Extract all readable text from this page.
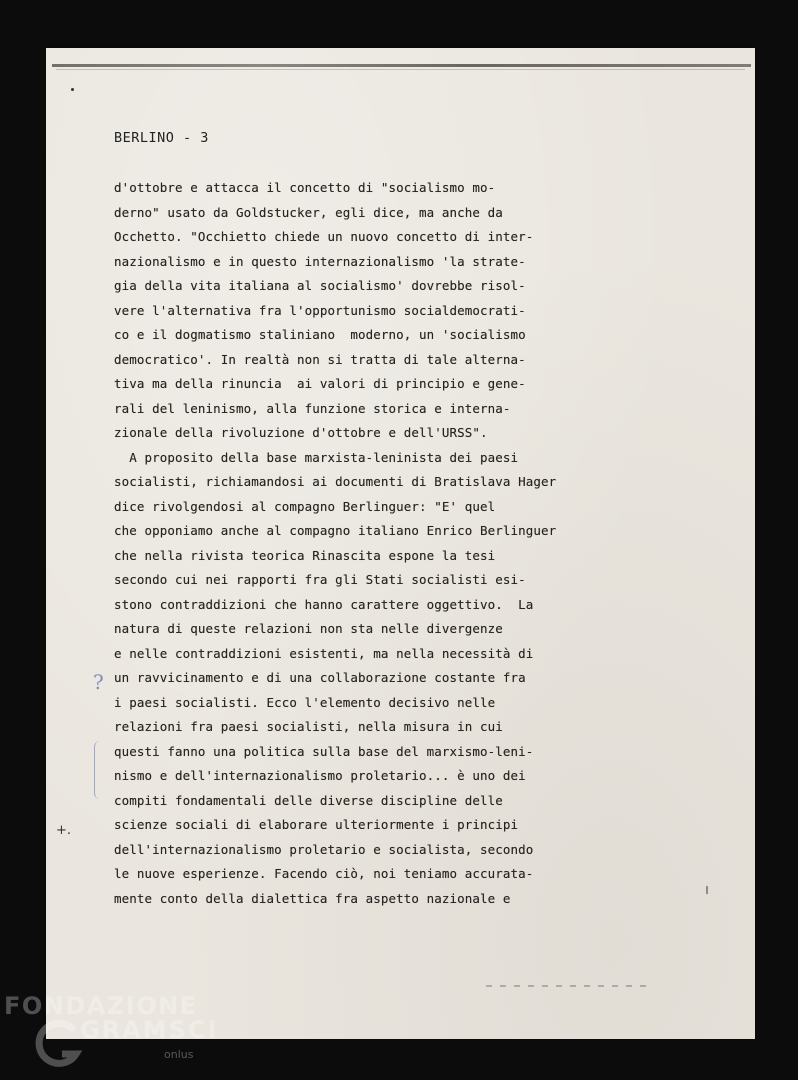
BERLINO - 3
d'ottobre e attacca il concetto di "socialismo mo-
derno" usato da Goldstucker, egli dice, ma anche da
Occhetto. "Occhietto chiede un nuovo concetto di inter-
nazionalismo e in questo internazionalismo 'la strate-
gia della vita italiana al socialismo' dovrebbe risol-
vere l'alternativa fra l'opportunismo socialdemocrati-
co e il dogmatismo staliniano  moderno, un 'socialismo
democratico'. In realtà non si tratta di tale alterna-
tiva ma della rinuncia  ai valori di principio e gene-
rali del leninismo, alla funzione storica e interna-
zionale della rivoluzione d'ottobre e dell'URSS".
A proposito della base marxista-leninista dei paesi
socialisti, richiamandosi ai documenti di Bratislava Hager
dice rivolgendosi al compagno Berlinguer: "E' quel
che opponiamo anche al compagno italiano Enrico Berlinguer
che nella rivista teorica Rinascita espone la tesi
secondo cui nei rapporti fra gli Stati socialisti esi-
stono contraddizioni che hanno carattere oggettivo.  La
natura di queste relazioni non sta nelle divergenze
e nelle contraddizioni esistenti, ma nella necessità di
un ravvicinamento e di una collaborazione costante fra
i paesi socialisti. Ecco l'elemento decisivo nelle
relazioni fra paesi socialisti, nella misura in cui
questi fanno una politica sulla base del marxismo-leni-
nismo e dell'internazionalismo proletario... è uno dei
compiti fondamentali delle diverse discipline delle
scienze sociali di elaborare ulteriormente i principi
dell'internazionalismo proletario e socialista, secondo
le nuove esperienze. Facendo ciò, noi teniamo accurata-
mente conto della dialettica fra aspetto nazionale e
?
+.
FONDAZIONE
GRAMSCI
onlus
